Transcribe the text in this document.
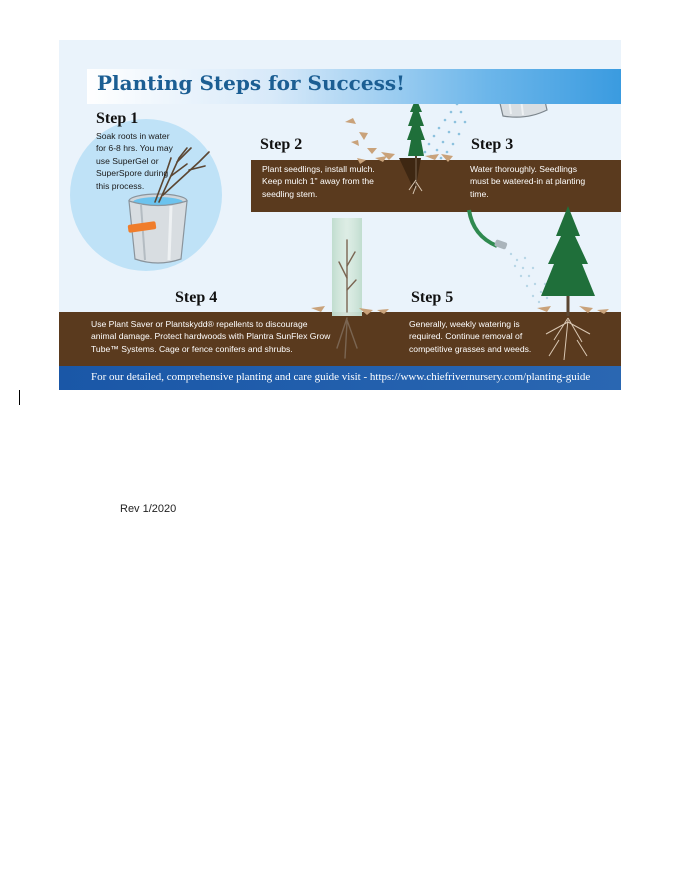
Planting Steps for Success!
Step 1
Soak roots in water for 6-8 hrs. You may use SuperGel or SuperSpore during this process.
Step 2
Plant seedlings, install mulch. Keep mulch 1" away from the seedling stem.
Step 3
Water thoroughly. Seedlings must be watered-in at planting time.
Step 4
Use Plant Saver or Plantskydd® repellents to discourage animal damage. Protect hardwoods with Plantra SunFlex Grow Tube™ Systems. Cage or fence conifers and shrubs.
Step 5
Generally, weekly watering is required. Continue removal of competitive grasses and weeds.
For our detailed, comprehensive planting and care guide visit - https://www.chiefrivernursery.com/planting-guide
Rev 1/2020
